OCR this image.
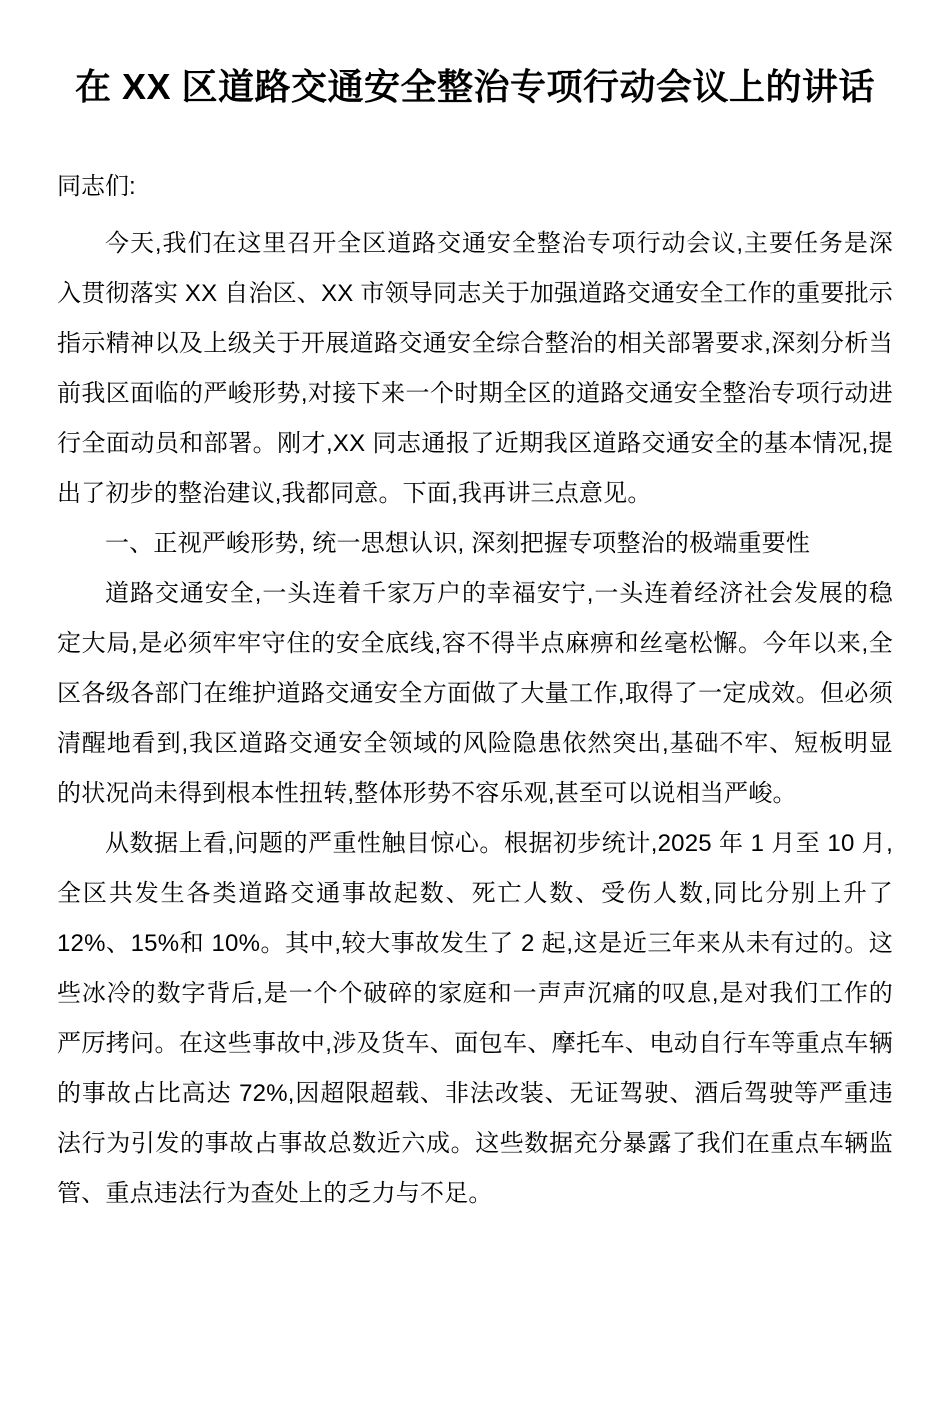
在 XX 区道路交通安全整治专项行动会议上的讲话

同志们:

今天,我们在这里召开全区道路交通安全整治专项行动会议,主要任务是深入贯彻落实 XX 自治区、XX 市领导同志关于加强道路交通安全工作的重要批示指示精神以及上级关于开展道路交通安全综合整治的相关部署要求,深刻分析当前我区面临的严峻形势,对接下来一个时期全区的道路交通安全整治专项行动进行全面动员和部署。刚才,XX 同志通报了近期我区道路交通安全的基本情况,提出了初步的整治建议,我都同意。下面,我再讲三点意见。

一、正视严峻形势, 统一思想认识, 深刻把握专项整治的极端重要性

道路交通安全,一头连着千家万户的幸福安宁,一头连着经济社会发展的稳定大局,是必须牢牢守住的安全底线,容不得半点麻痹和丝毫松懈。今年以来,全区各级各部门在维护道路交通安全方面做了大量工作,取得了一定成效。但必须清醒地看到,我区道路交通安全领域的风险隐患依然突出,基础不牢、短板明显的状况尚未得到根本性扭转,整体形势不容乐观,甚至可以说相当严峻。

从数据上看,问题的严重性触目惊心。根据初步统计,2025 年 1 月至 10 月,全区共发生各类道路交通事故起数、死亡人数、受伤人数,同比分别上升了 12%、15%和 10%。其中,较大事故发生了 2 起,这是近三年来从未有过的。这些冰冷的数字背后,是一个个破碎的家庭和一声声沉痛的叹息,是对我们工作的严厉拷问。在这些事故中,涉及货车、面包车、摩托车、电动自行车等重点车辆的事故占比高达 72%,因超限超载、非法改装、无证驾驶、酒后驾驶等严重违法行为引发的事故占事故总数近六成。这些数据充分暴露了我们在重点车辆监管、重点违法行为查处上的乏力与不足。
